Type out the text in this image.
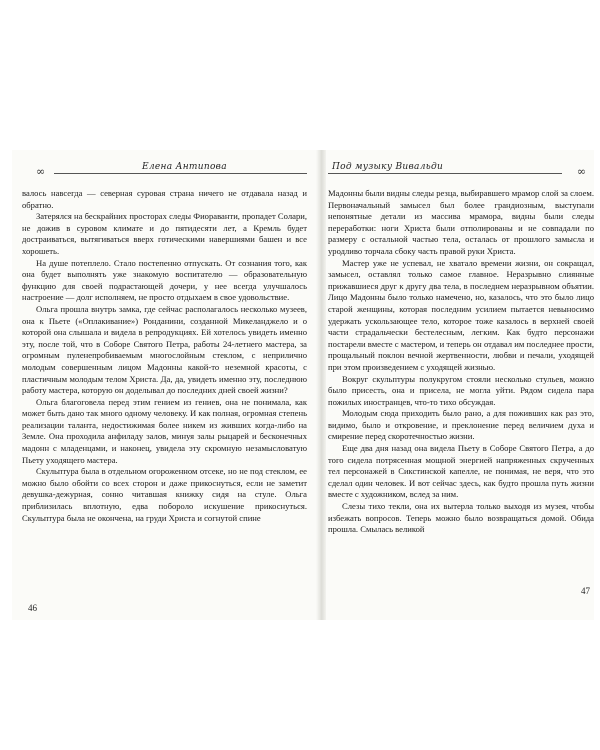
∞	Елена Антипова

валось навсегда — северная суровая страна ничего не отдавала назад и обратно.

Затерялся на бескрайних просторах следы Фиораванти, пропадет Солари, не дожив в суровом климате и до пятидесяти лет, а Кремль будет достраиваться, вытягиваться вверх готическими навершиями башен и все хорошеть.

На душе потеплело. Стало постепенно отпускать. От сознания того, как она будет выполнять уже знакомую воспитателю — образовательную функцию для своей подрастающей дочери, у нее всегда улучшалось настроение — долг исполняем, не просто отдыхаем в свое удовольствие.

Ольга прошла внутрь замка, где сейчас располагалось несколько музеев, она к Пьете («Оплакивание») Ронданини, созданной Микеланджело и о которой она слышала и видела в репродукциях. Ей хотелось увидеть именно эту, после той, что в Соборе Святого Петра, работы 24-летнего мастера, за огромным пуленепробиваемым многослойным стеклом, с неприлично молодым совершенным лицом Мадонны какой-то неземной красоты, с пластичным молодым телом Христа. Да, да, увидеть именно эту, последнюю работу мастера, которую он доделывал до последних дней своей жизни?

Ольга благоговела перед этим гением из гениев, она не понимала, как может быть дано так много одному человеку. И как полная, огромная степень реализации таланта, недостижимая более никем из живших когда-либо на Земле. Она проходила анфиладу залов, минуя залы рыцарей и бесконечных мадонн с младенцами, и наконец, увидела эту скромную незамысловатую Пьету уходящего мастера.

Скульптура была в отдельном огороженном отсеке, но не под стеклом, ее можно было обойти со всех сторон и даже прикоснуться, если не заметит девушка-дежурная, сонно читавшая книжку сидя на стуле. Ольга приблизилась вплотную, едва побороло искушение прикоснуться. Скульптура была не окончена, на груди Христа и согнутой спине

46
Под музыку Вивальди	∞

Мадонны были видны следы резца, выбиравшего мрамор слой за слоем. Первоначальный замысел был более грандиозным, выступали непонятные детали из массива мрамора, видны были следы переработки: ноги Христа были отполированы и не совпадали по размеру с остальной частью тела, осталась от прошлого замысла и уродливо торчала сбоку часть правой руки Христа.

Мастер уже не успевал, не хватало времени жизни, он сокращал, замысел, оставлял только самое главное. Неразрывно слиянные прижавшиеся друг к другу два тела, в последнем неразрывном объятии. Лицо Мадонны было только намечено, но, казалось, что это было лицо старой женщины, которая последним усилием пытается невыносимо удержать ускользающее тело, которое тоже казалось в верхней своей части страдальчески бестелесным, легким. Как будто персонажи постарели вместе с мастером, и теперь он отдавал им последнее прости, прощальный поклон вечной жертвенности, любви и печали, уходящей при этом произведением с уходящей жизнью.

Вокруг скульптуры полукругом стояли несколько стульев, можно было присесть, она и присела, не могла уйти. Рядом сидела пара пожилых иностранцев, что-то тихо обсуждая.

Молодым сюда приходить было рано, а для поживших как раз это, видимо, было и откровение, и преклонение перед величием духа и смирение перед скоротечностью жизни.

Еще два дня назад она видела Пьету в Соборе Святого Петра, а до того сидела потрясенная мощной энергией напряженных скрученных тел персонажей в Сикстинской капелле, не понимая, не веря, что это сделал один человек. И вот сейчас здесь, как будто прошла путь жизни вместе с художником, вслед за ним.

Слезы тихо текли, она их вытерла только выходя из музея, чтобы избежать вопросов. Теперь можно было возвращаться домой. Обида прошла. Смылась великой

47
